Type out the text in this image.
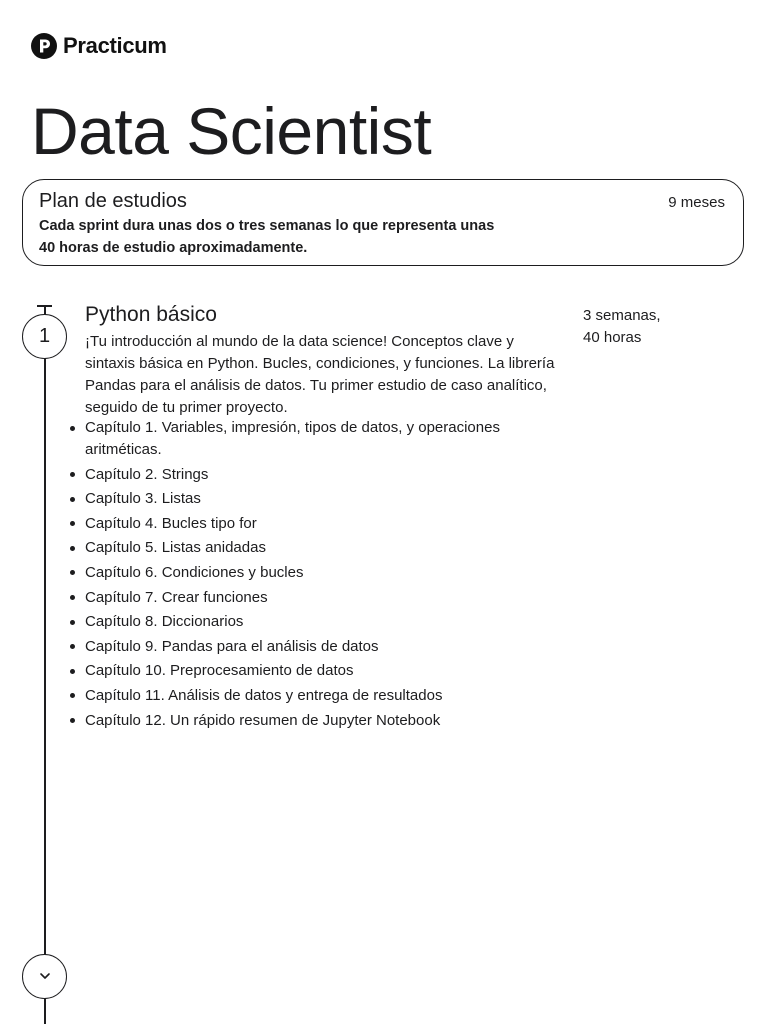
Practicum
Data Scientist
Plan de estudios	9 meses
Cada sprint dura unas dos o tres semanas lo que representa unas 40 horas de estudio aproximadamente.
1
Python básico	3 semanas,
40 horas
¡Tu introducción al mundo de la data science! Conceptos clave y sintaxis básica en Python. Bucles, condiciones, y funciones. La librería Pandas para el análisis de datos. Tu primer estudio de caso analítico, seguido de tu primer proyecto.
Capítulo 1. Variables, impresión, tipos de datos, y operaciones aritméticas.
Capítulo 2. Strings
Capítulo 3. Listas
Capítulo 4. Bucles tipo for
Capítulo 5. Listas anidadas
Capítulo 6. Condiciones y bucles
Capítulo 7. Crear funciones
Capítulo 8. Diccionarios
Capítulo 9. Pandas para el análisis de datos
Capítulo 10. Preprocesamiento de datos
Capítulo 11. Análisis de datos y entrega de resultados
Capítulo 12. Un rápido resumen de Jupyter Notebook
